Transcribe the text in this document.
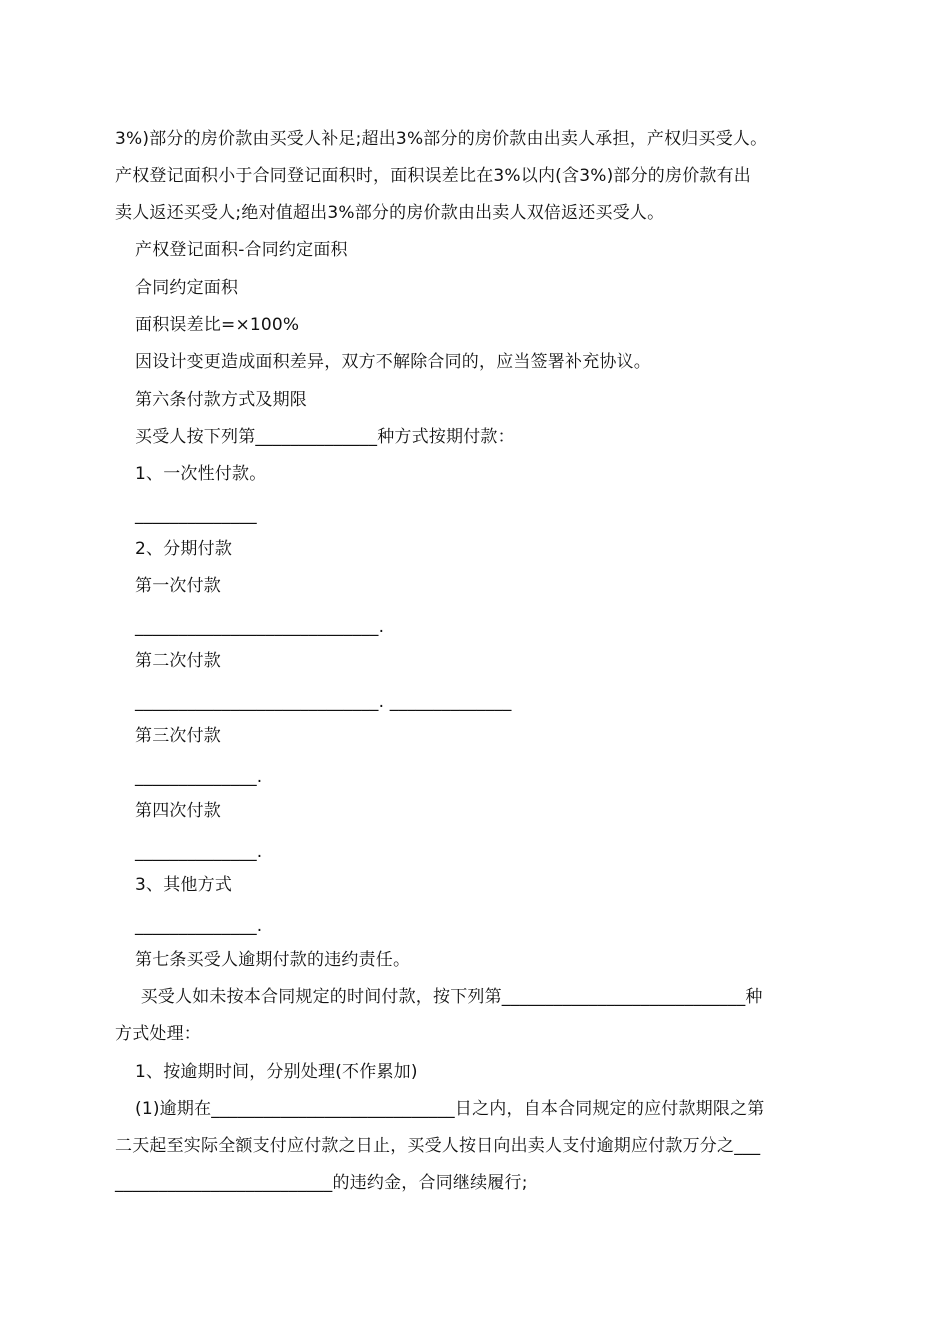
3%)部分的房价款由买受人补足;超出3%部分的房价款由出卖人承担，产权归买受人。
产权登记面积小于合同登记面积时，面积误差比在3%以内(含3%)部分的房价款有出
卖人返还买受人;绝对值超出3%部分的房价款由出卖人双倍返还买受人。
产权登记面积-合同约定面积
合同约定面积
面积误差比=×100%
因设计变更造成面积差异，双方不解除合同的，应当签署补充协议。
第六条付款方式及期限
买受人按下列第______________种方式按期付款：
1、一次性付款。
______________
2、分期付款
第一次付款
____________________________.
第二次付款
____________________________. ______________
第三次付款
______________.
第四次付款
______________.
3、其他方式
______________.
第七条买受人逾期付款的违约责任。
买受人如未按本合同规定的时间付款，按下列第____________________________种
方式处理：
1、按逾期时间，分别处理(不作累加)
(1)逾期在____________________________日之内，自本合同规定的应付款期限之第
二天起至实际全额支付应付款之日止，买受人按日向出卖人支付逾期应付款万分之___
_________________________的违约金，合同继续履行;
